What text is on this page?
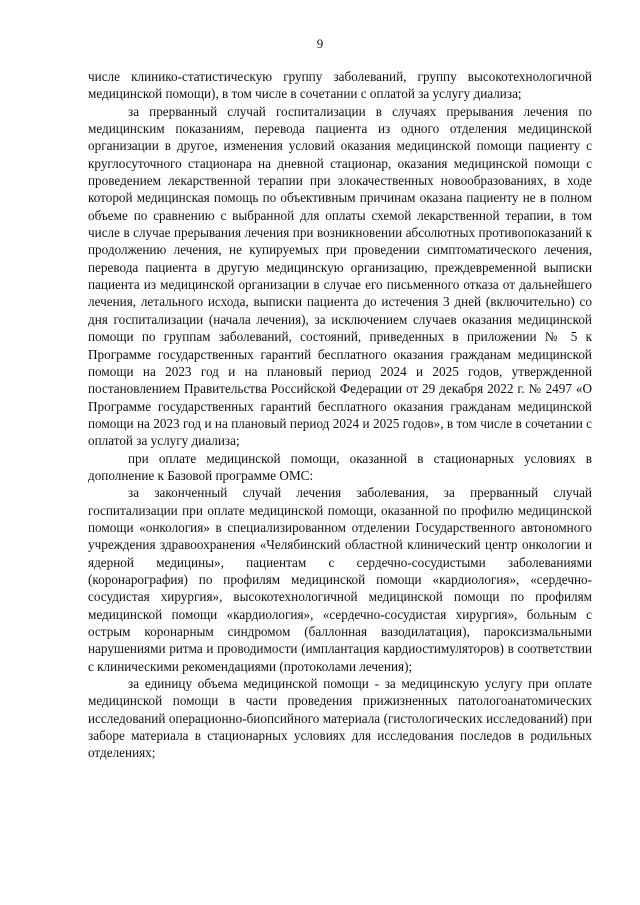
9

числе клинико-статистическую группу заболеваний, группу высокотехнологичной медицинской помощи), в том числе в сочетании с оплатой за услугу диализа;

за прерванный случай госпитализации в случаях прерывания лечения по медицинским показаниям, перевода пациента из одного отделения медицинской организации в другое, изменения условий оказания медицинской помощи пациенту с круглосуточного стационара на дневной стационар, оказания медицинской помощи с проведением лекарственной терапии при злокачественных новообразованиях, в ходе которой медицинская помощь по объективным причинам оказана пациенту не в полном объеме по сравнению с выбранной для оплаты схемой лекарственной терапии, в том числе в случае прерывания лечения при возникновении абсолютных противопоказаний к продолжению лечения, не купируемых при проведении симптоматического лечения, перевода пациента в другую медицинскую организацию, преждевременной выписки пациента из медицинской организации в случае его письменного отказа от дальнейшего лечения, летального исхода, выписки пациента до истечения 3 дней (включительно) со дня госпитализации (начала лечения), за исключением случаев оказания медицинской помощи по группам заболеваний, состояний, приведенных в приложении № 5 к Программе государственных гарантий бесплатного оказания гражданам медицинской помощи на 2023 год и на плановый период 2024 и 2025 годов, утвержденной постановлением Правительства Российской Федерации от 29 декабря 2022 г. № 2497 «О Программе государственных гарантий бесплатного оказания гражданам медицинской помощи на 2023 год и на плановый период 2024 и 2025 годов», в том числе в сочетании с оплатой за услугу диализа;

при оплате медицинской помощи, оказанной в стационарных условиях в дополнение к Базовой программе ОМС:

за законченный случай лечения заболевания, за прерванный случай госпитализации при оплате медицинской помощи, оказанной по профилю медицинской помощи «онкология» в специализированном отделении Государственного автономного учреждения здравоохранения «Челябинский областной клинический центр онкологии и ядерной медицины», пациентам с сердечно-сосудистыми заболеваниями (коронарография) по профилям медицинской помощи «кардиология», «сердечно-сосудистая хирургия», высокотехнологичной медицинской помощи по профилям медицинской помощи «кардиология», «сердечно-сосудистая хирургия», больным с острым коронарным синдромом (баллонная вазодилатация), пароксизмальными нарушениями ритма и проводимости (имплантация кардиостимуляторов) в соответствии с клиническими рекомендациями (протоколами лечения);

за единицу объема медицинской помощи - за медицинскую услугу при оплате медицинской помощи в части проведения прижизненных патологоанатомических исследований операционно-биопсийного материала (гистологических исследований) при заборе материала в стационарных условиях для исследования последов в родильных отделениях;
